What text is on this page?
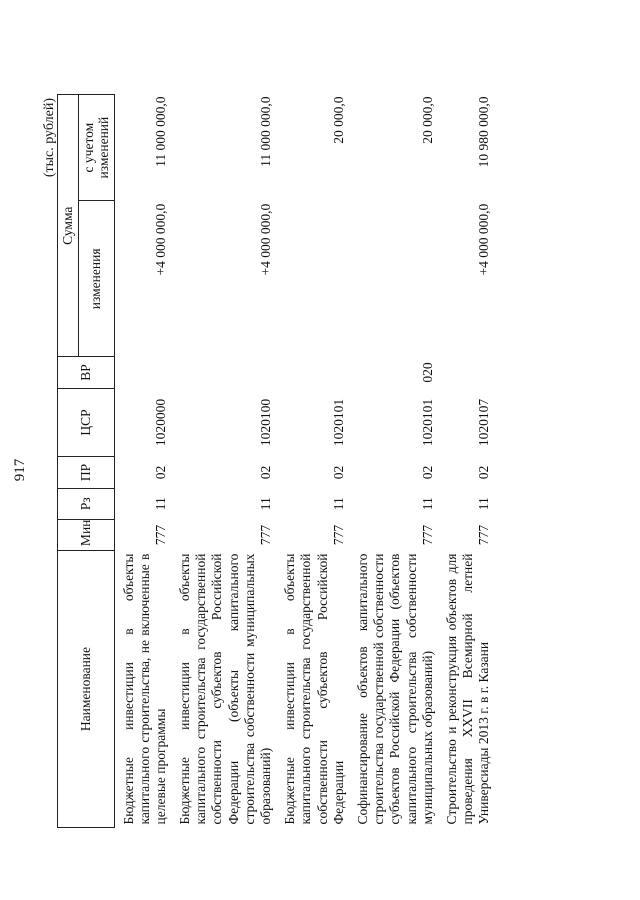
917
(тыс. рублей)
Наименование	Мин	Рз	ПР	ЦСР	ВР	Сумма	
						изменения	с учетом изменений
Бюджетные инвестиции в объекты капитального строительства, не включенные в целевые программы	777	11	02	1020000		+4 000 000,0	11 000 000,0
Бюджетные инвестиции в объекты капитального строительства государственной собственности субъектов Российской Федерации (объекты капитального строительства собственности муниципальных образований)	777	11	02	1020100		+4 000 000,0	11 000 000,0
Бюджетные инвестиции в объекты капитального строительства государственной собственности субъектов Российской Федерации	777	11	02	1020101			20 000,0
Софинансирование объектов капитального строительства государственной собственности субъектов Российской Федерации (объектов капитального строительства собственности муниципальных образований)	777	11	02	1020101	020		20 000,0
Строительство и реконструкция объектов для проведения XXVII Всемирной летней Универсиады 2013 г. в г. Казани	777	11	02	1020107		+4 000 000,0	10 980 000,0
